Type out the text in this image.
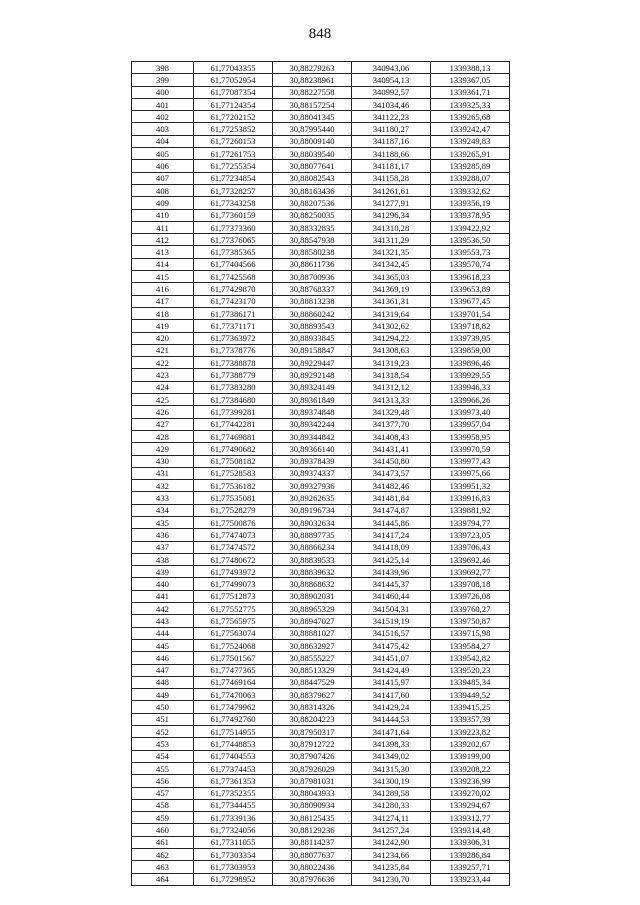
848
398	61,77043355	30,88279263	340943,06	1339388,13
399	61,77052954	30,88238961	340954,13	1339367,05
400	61,77087354	30,88227558	340992,57	1339361,71
401	61,77124354	30,88157254	341034,46	1339325,33
402	61,77202152	30,88041345	341122,23	1339265,68
403	61,77253852	30,87995440	341180,27	1339242,47
404	61,77260153	30,88009140	341187,16	1339249,83
405	61,77261753	30,88039540	341188,66	1339265,91
406	61,77255354	30,88077641	341181,17	1339285,89
407	61,77234854	30,88082543	341158,28	1339288,07
408	61,77328257	30,88163436	341261,61	1339332,62
409	61,77343258	30,88207536	341277,91	1339356,19
410	61,77360159	30,88250035	341296,34	1339378,95
411	61,77373360	30,88332835	341310,28	1339422,92
412	61,77376065	30,88547938	341311,29	1339536,50
413	61,77385365	30,88580238	341321,35	1339553,73
414	61,77404566	30,88611736	341342,45	1339570,74
415	61,77425568	30,88700936	341365,03	1339618,23
416	61,77429870	30,88768337	341369,19	1339653,89
417	61,77423170	30,88813238	341361,31	1339677,45
418	61,77386171	30,88860242	341319,64	1339701,54
419	61,77371171	30,88893543	341302,62	1339718,82
420	61,77363972	30,88933845	341294,22	1339739,95
421	61,77378776	30,89158847	341308,63	1339859,00
422	61,77388878	30,89229447	341319,23	1339896,46
423	61,77388779	30,89292148	341318,54	1339929,55
424	61,77383280	30,89324149	341312,12	1339946,33
425	61,77384680	30,89361849	341313,33	1339966,26
426	61,77399281	30,89374848	341329,48	1339973,40
427	61,77442281	30,89342244	341377,70	1339957,04
428	61,77469881	30,89344842	341408,43	1339958,95
429	61,77490682	30,89366140	341431,41	1339970,59
430	61,77508182	30,89378439	341450,80	1339977,43
431	61,77528583	30,89374337	341473,57	1339975,66
432	61,77536182	30,89327936	341482,46	1339951,32
433	61,77535081	30,89262635	341481,84	1339916,83
434	61,77528279	30,89196734	341474,87	1339881,92
435	61,77500876	30,89032634	341445,86	1339794,77
436	61,77474073	30,88897735	341417,24	1339723,05
437	61,77474572	30,88866234	341418,09	1339706,43
438	61,77480672	30,88839533	341425,14	1339692,46
439	61,77493972	30,88839632	341439,96	1339692,77
440	61,77499073	30,88868632	341445,37	1339708,18
441	61,77512873	30,88902031	341460,44	1339726,08
442	61,77552775	30,88965329	341504,31	1339760,27
443	61,77565975	30,88947027	341519,19	1339750,87
444	61,77563074	30,88881027	341516,57	1339715,98
445	61,77524068	30,88632927	341475,42	1339584,27
446	61,77501567	30,88555227	341451,07	1339542,82
447	61,77477365	30,88513329	341424,49	1339520,23
448	61,77469164	30,88447529	341415,97	1339485,34
449	61,77470063	30,88379627	341417,60	1339449,52
450	61,77479962	30,88314326	341429,24	1339415,25
451	61,77492760	30,88204223	341444,53	1339357,39
452	61,77514955	30,87950317	341471,64	1339223,82
453	61,77448853	30,87912722	341398,33	1339202,67
454	61,77404553	30,87907426	341349,02	1339199,00
455	61,77374453	30,87926029	341315,30	1339208,22
456	61,77361353	30,87981031	341300,19	1339236,99
457	61,77352355	30,88043933	341289,58	1339270,02
458	61,77344455	30,88090934	341280,33	1339294,67
459	61,77339136	30,88125435	341274,11	1339312,77
460	61,77324056	30,88129236	341257,24	1339314,48
461	61,77311055	30,88114237	341242,90	1339306,31
462	61,77303354	30,88077637	341234,66	1339286,84
463	61,77303953	30,88022436	341235,84	1339257,71
464	61,77298952	30,87976636	341230,70	1339233,44
